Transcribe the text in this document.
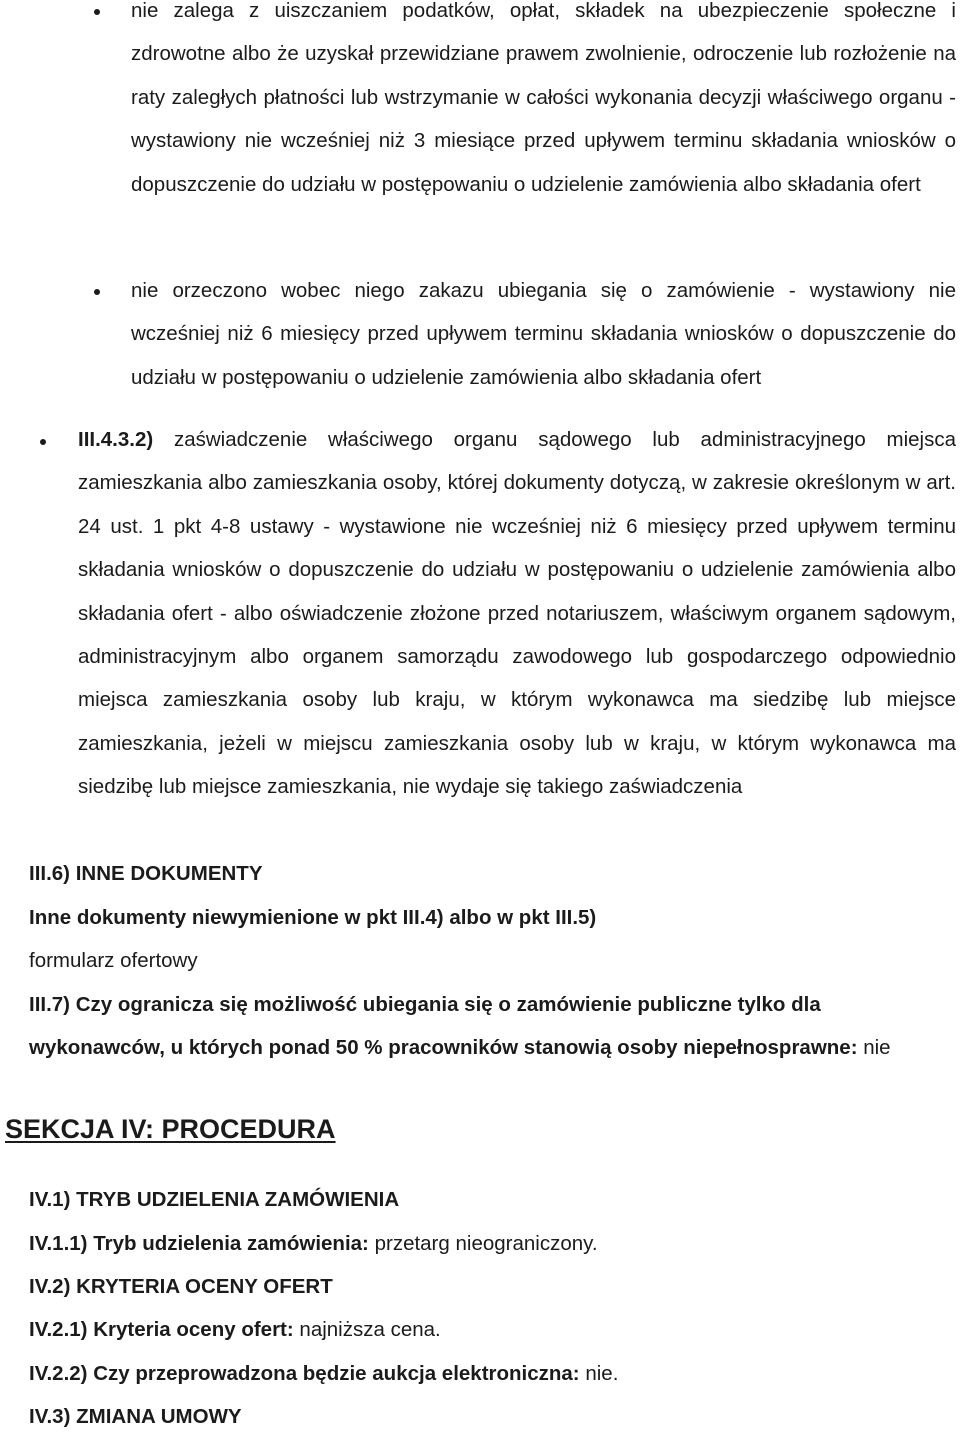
nie zalega z uiszczaniem podatków, opłat, składek na ubezpieczenie społeczne i zdrowotne albo że uzyskał przewidziane prawem zwolnienie, odroczenie lub rozłożenie na raty zaległych płatności lub wstrzymanie w całości wykonania decyzji właściwego organu - wystawiony nie wcześniej niż 3 miesiące przed upływem terminu składania wniosków o dopuszczenie do udziału w postępowaniu o udzielenie zamówienia albo składania ofert
nie orzeczono wobec niego zakazu ubiegania się o zamówienie - wystawiony nie wcześniej niż 6 miesięcy przed upływem terminu składania wniosków o dopuszczenie do udziału w postępowaniu o udzielenie zamówienia albo składania ofert
III.4.3.2) zaświadczenie właściwego organu sądowego lub administracyjnego miejsca zamieszkania albo zamieszkania osoby, której dokumenty dotyczą, w zakresie określonym w art. 24 ust. 1 pkt 4-8 ustawy - wystawione nie wcześniej niż 6 miesięcy przed upływem terminu składania wniosków o dopuszczenie do udziału w postępowaniu o udzielenie zamówienia albo składania ofert - albo oświadczenie złożone przed notariuszem, właściwym organem sądowym, administracyjnym albo organem samorządu zawodowego lub gospodarczego odpowiednio miejsca zamieszkania osoby lub kraju, w którym wykonawca ma siedzibę lub miejsce zamieszkania, jeżeli w miejscu zamieszkania osoby lub w kraju, w którym wykonawca ma siedzibę lub miejsce zamieszkania, nie wydaje się takiego zaświadczenia
III.6) INNE DOKUMENTY
Inne dokumenty niewymienione w pkt III.4) albo w pkt III.5)
formularz ofertowy
III.7) Czy ogranicza się możliwość ubiegania się o zamówienie publiczne tylko dla wykonawców, u których ponad 50 % pracowników stanowią osoby niepełnosprawne: nie
SEKCJA IV: PROCEDURA
IV.1) TRYB UDZIELENIA ZAMÓWIENIA
IV.1.1) Tryb udzielenia zamówienia: przetarg nieograniczony.
IV.2) KRYTERIA OCENY OFERT
IV.2.1) Kryteria oceny ofert: najniższa cena.
IV.2.2) Czy przeprowadzona będzie aukcja elektroniczna: nie.
IV.3) ZMIANA UMOWY
